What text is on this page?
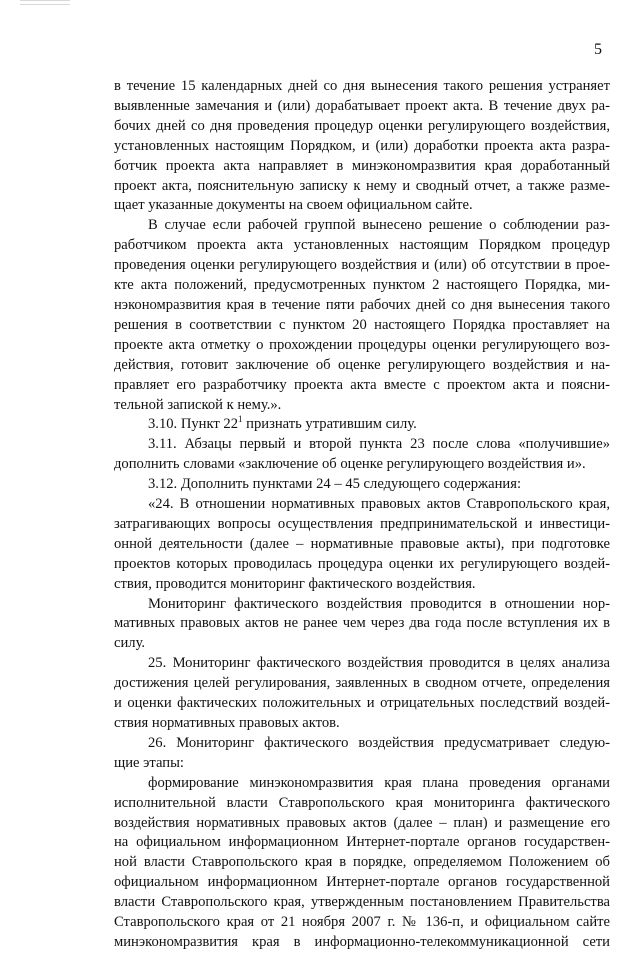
5
в течение 15 календарных дней со дня вынесения такого решения устраняет
выявленные замечания и (или) дорабатывает проект акта. В течение двух ра-
бочих дней со дня проведения процедур оценки регулирующего воздействия,
установленных настоящим Порядком, и (или) доработки проекта акта разра-
ботчик проекта акта направляет в минэкономразвития края доработанный
проект акта, пояснительную записку к нему и сводный отчет, а также разме-
щает указанные документы на своем официальном сайте.
В случае если рабочей группой вынесено решение о соблюдении раз-
работчиком проекта акта установленных настоящим Порядком процедур
проведения оценки регулирующего воздействия и (или) об отсутствии в прое-
кте акта положений, предусмотренных пунктом 2 настоящего Порядка, ми-
нэкономразвития края в течение пяти рабочих дней со дня вынесения такого
решения в соответствии с пунктом 20 настоящего Порядка проставляет на
проекте акта отметку о прохождении процедуры оценки регулирующего воз-
действия, готовит заключение об оценке регулирующего воздействия и на-
правляет его разработчику проекта акта вместе с проектом акта и поясни-
тельной запиской к нему.».
3.10. Пункт $22^1$ признать утратившим силу.
3.11. Абзацы первый и второй пункта 23 после слова «получившие»
дополнить словами «заключение об оценке регулирующего воздействия и».
3.12. Дополнить пунктами 24 – 45 следующего содержания:
«24. В отношении нормативных правовых актов Ставропольского края,
затрагивающих вопросы осуществления предпринимательской и инвестици-
онной деятельности (далее – нормативные правовые акты), при подготовке
проектов которых проводилась процедура оценки их регулирующего воздей-
ствия, проводится мониторинг фактического воздействия.
Мониторинг фактического воздействия проводится в отношении нор-
мативных правовых актов не ранее чем через два года после вступления их в
силу.
25. Мониторинг фактического воздействия проводится в целях анализа
достижения целей регулирования, заявленных в сводном отчете, определения
и оценки фактических положительных и отрицательных последствий воздей-
ствия нормативных правовых актов.
26. Мониторинг фактического воздействия предусматривает следую-
щие этапы:
формирование минэкономразвития края плана проведения органами
исполнительной власти Ставропольского края мониторинга фактического
воздействия нормативных правовых актов (далее – план) и размещение его
на официальном информационном Интернет-портале органов государствен-
ной власти Ставропольского края в порядке, определяемом Положением об
официальном информационном Интернет-портале органов государственной
власти Ставропольского края, утвержденным постановлением Правительства
Ставропольского края от 21 ноября 2007 г. № 136-п, и официальном сайте
минэкономразвития края в информационно-телекоммуникационной сети
